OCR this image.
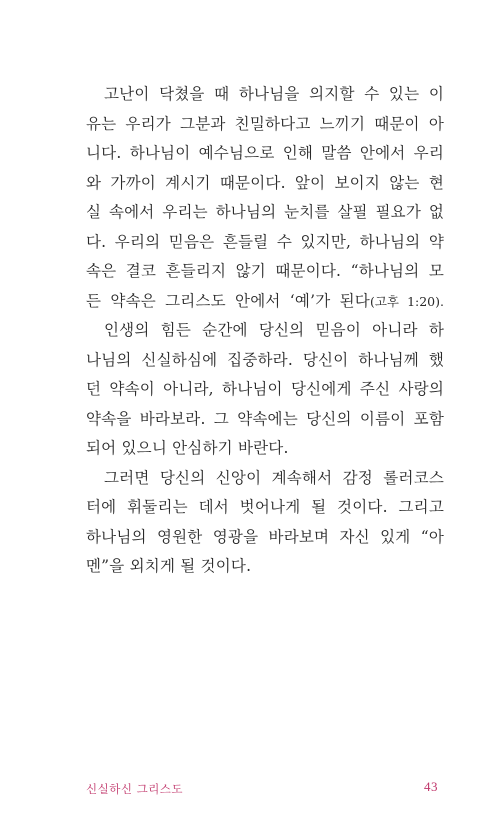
고난이 닥쳤을 때 하나님을 의지할 수 있는 이
유는 우리가 그분과 친밀하다고 느끼기 때문이 아
니다. 하나님이 예수님으로 인해 말씀 안에서 우리
와 가까이 계시기 때문이다. 앞이 보이지 않는 현
실 속에서 우리는 하나님의 눈치를 살필 필요가 없
다. 우리의 믿음은 흔들릴 수 있지만, 하나님의 약
속은 결코 흔들리지 않기 때문이다. “하나님의 모
든 약속은 그리스도 안에서 ‘예’가 된다(고후 1:20).
인생의 힘든 순간에 당신의 믿음이 아니라 하
나님의 신실하심에 집중하라. 당신이 하나님께 했
던 약속이 아니라, 하나님이 당신에게 주신 사랑의
약속을 바라보라. 그 약속에는 당신의 이름이 포함
되어 있으니 안심하기 바란다.
그러면 당신의 신앙이 계속해서 감정 롤러코스
터에 휘둘리는 데서 벗어나게 될 것이다. 그리고
하나님의 영원한 영광을 바라보며 자신 있게 “아
멘”을 외치게 될 것이다.
신실하신 그리스도	43
